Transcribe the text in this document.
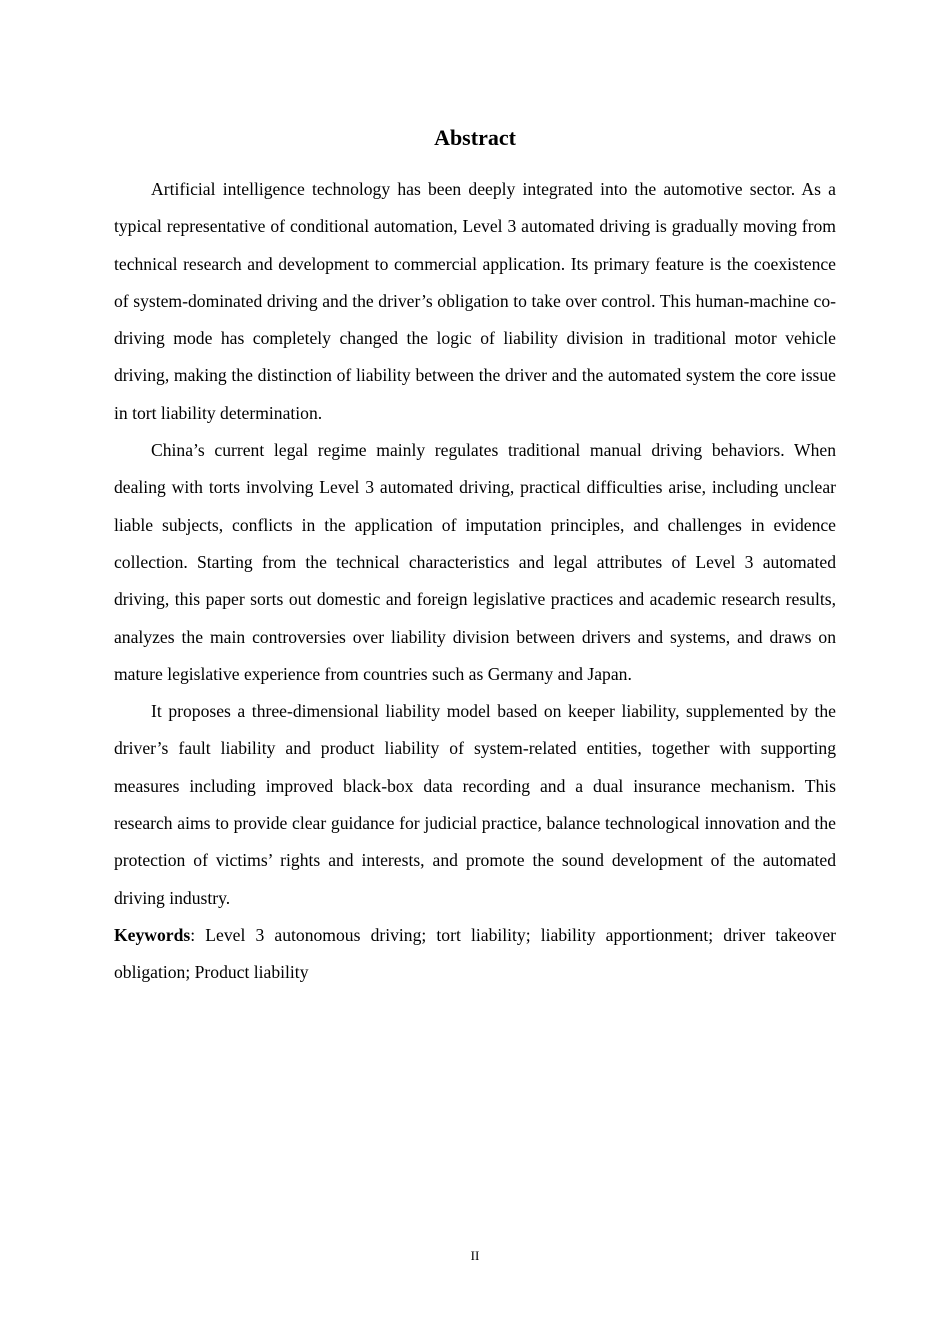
Abstract

Artificial intelligence technology has been deeply integrated into the automotive sector. As a typical representative of conditional automation, Level 3 automated driving is gradually moving from technical research and development to commercial application. Its primary feature is the coexistence of system-dominated driving and the driver’s obligation to take over control. This human-machine co-driving mode has completely changed the logic of liability division in traditional motor vehicle driving, making the distinction of liability between the driver and the automated system the core issue in tort liability determination.

China’s current legal regime mainly regulates traditional manual driving behaviors. When dealing with torts involving Level 3 automated driving, practical difficulties arise, including unclear liable subjects, conflicts in the application of imputation principles, and challenges in evidence collection. Starting from the technical characteristics and legal attributes of Level 3 automated driving, this paper sorts out domestic and foreign legislative practices and academic research results, analyzes the main controversies over liability division between drivers and systems, and draws on mature legislative experience from countries such as Germany and Japan.

It proposes a three-dimensional liability model based on keeper liability, supplemented by the driver’s fault liability and product liability of system-related entities, together with supporting measures including improved black-box data recording and a dual insurance mechanism. This research aims to provide clear guidance for judicial practice, balance technological innovation and the protection of victims’ rights and interests, and promote the sound development of the automated driving industry.

Keywords: Level 3 autonomous driving; tort liability; liability apportionment; driver takeover obligation; Product liability

II
